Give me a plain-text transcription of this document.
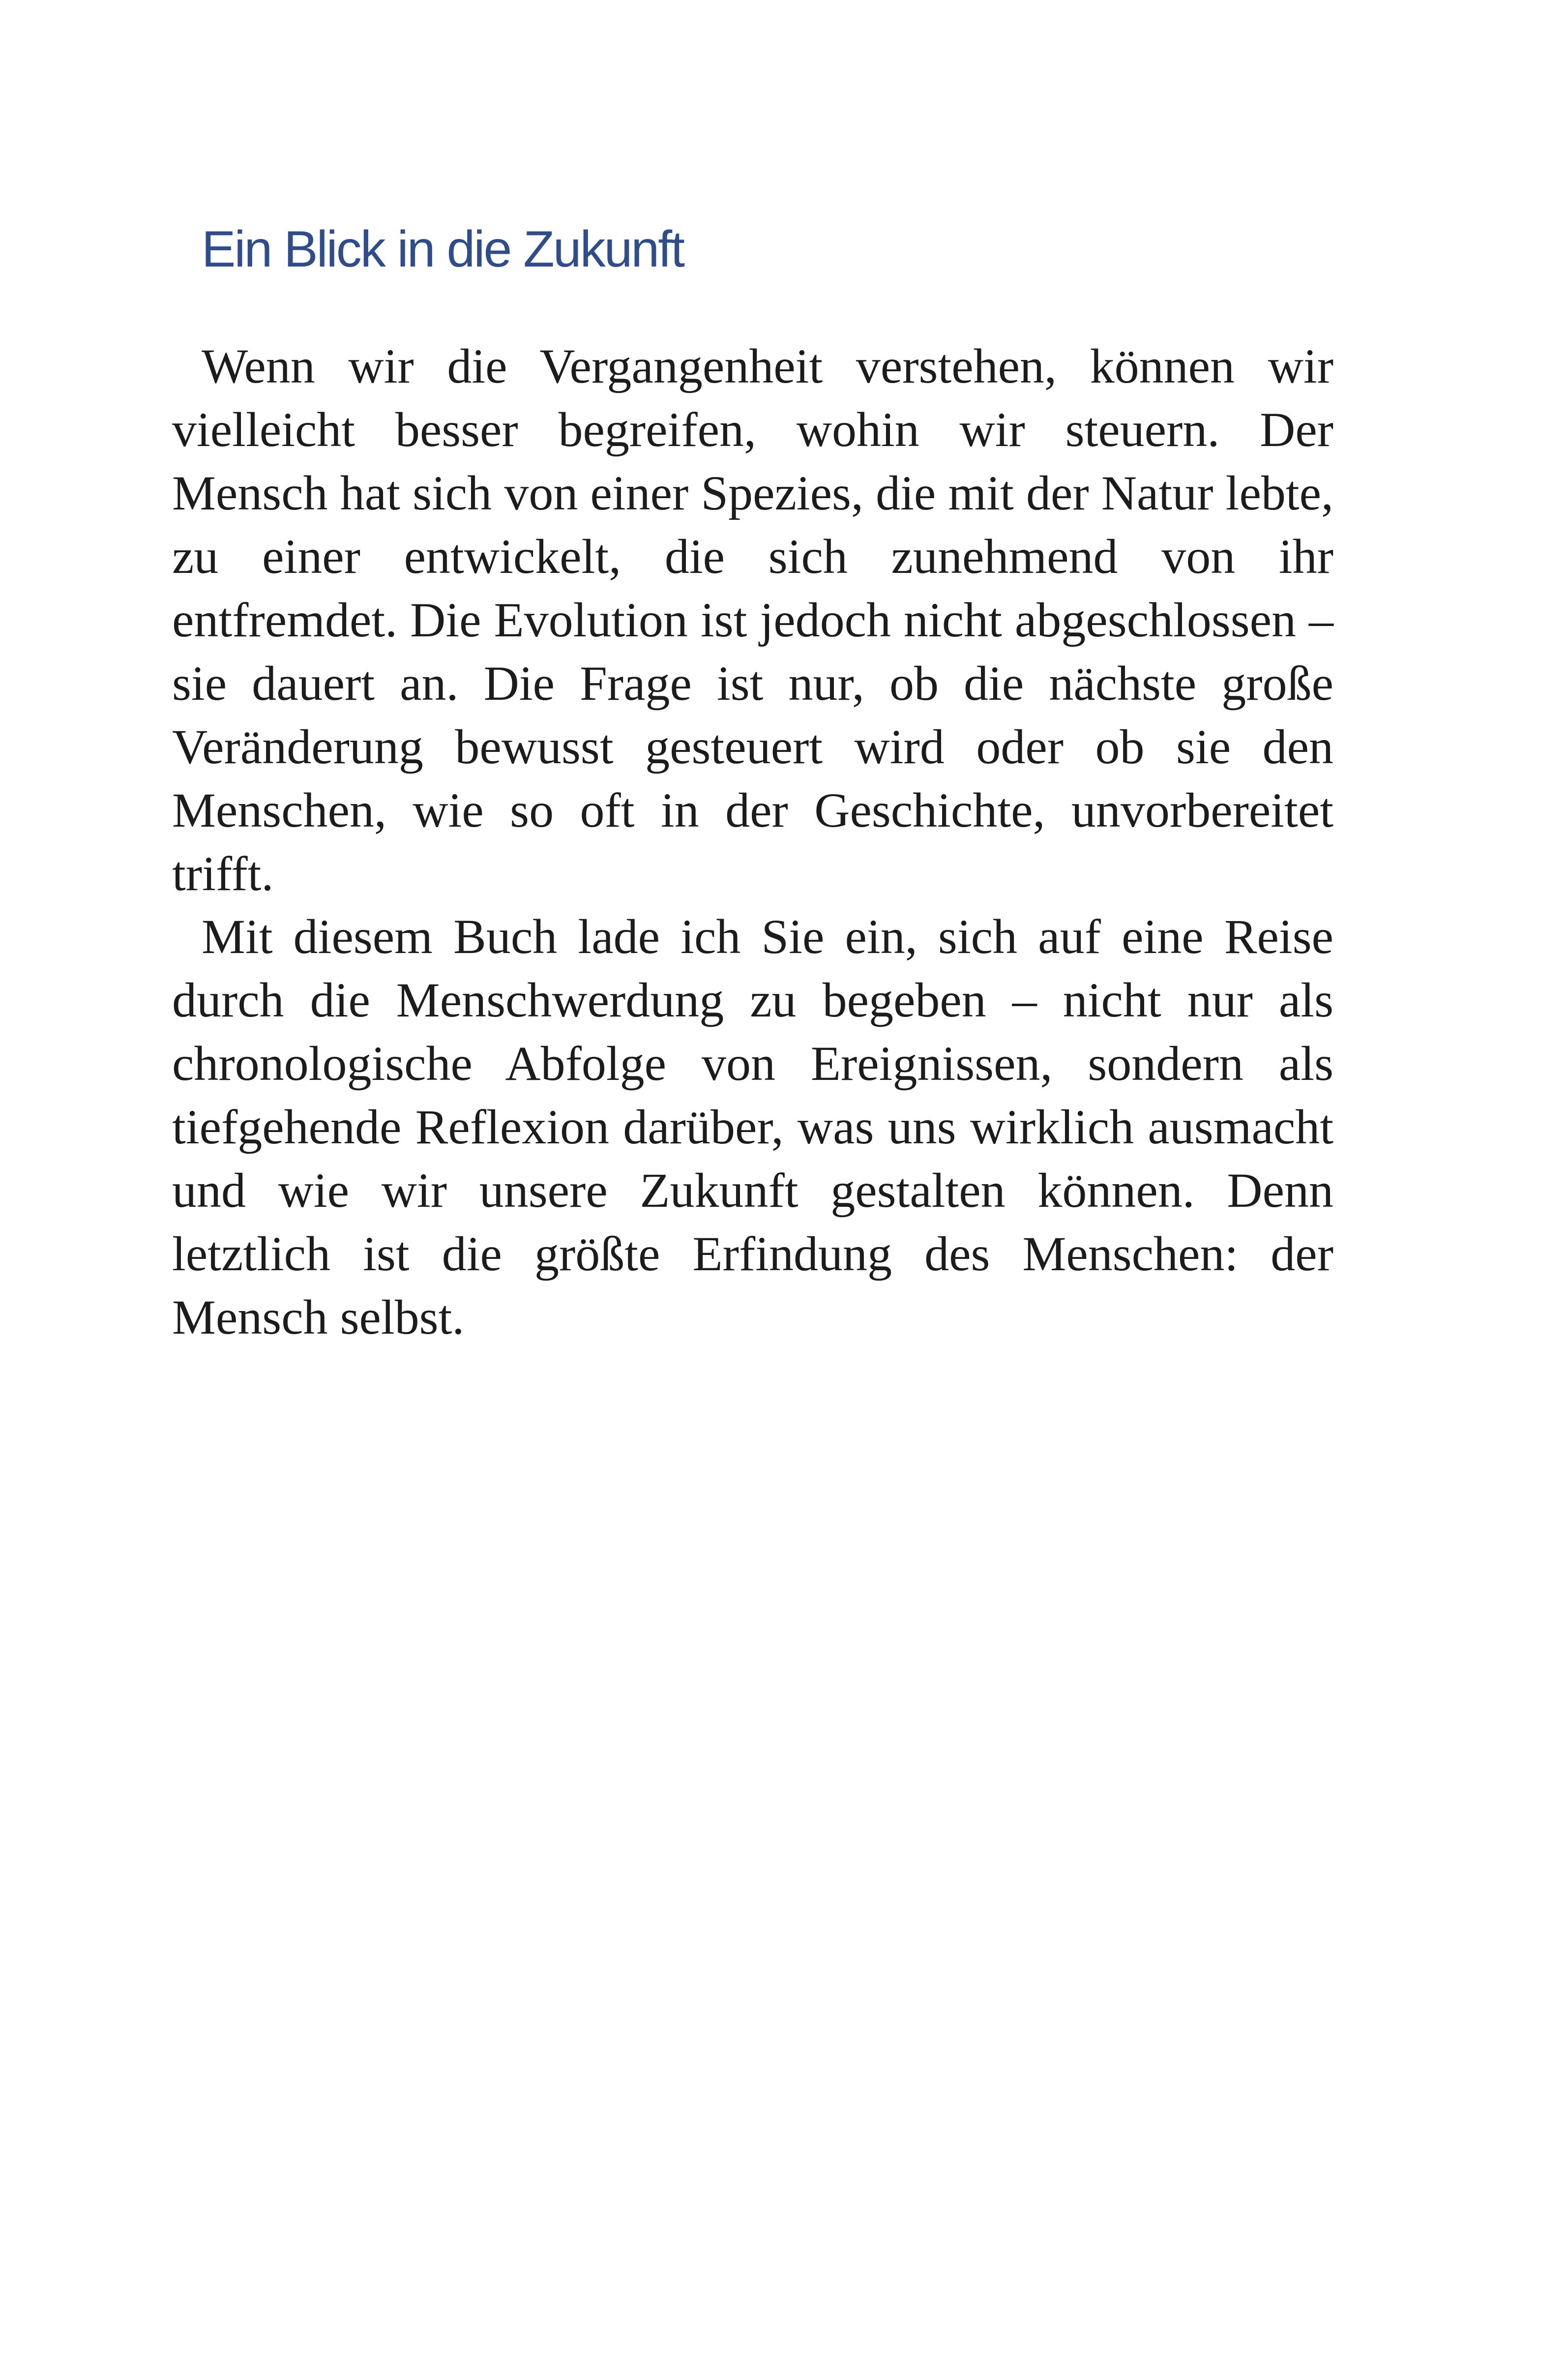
Ein Blick in die Zukunft

Wenn wir die Vergangenheit verstehen, können wir vielleicht besser begreifen, wohin wir steuern. Der Mensch hat sich von einer Spezies, die mit der Natur lebte, zu einer entwickelt, die sich zunehmend von ihr entfremdet. Die Evolution ist jedoch nicht abgeschlossen – sie dauert an. Die Frage ist nur, ob die nächste große Veränderung bewusst gesteuert wird oder ob sie den Menschen, wie so oft in der Geschichte, unvorbereitet trifft.

Mit diesem Buch lade ich Sie ein, sich auf eine Reise durch die Menschwerdung zu begeben – nicht nur als chronologische Abfolge von Ereignissen, sondern als tiefgehende Reflexion darüber, was uns wirklich ausmacht und wie wir unsere Zukunft gestalten können. Denn letztlich ist die größte Erfindung des Menschen: der Mensch selbst.
